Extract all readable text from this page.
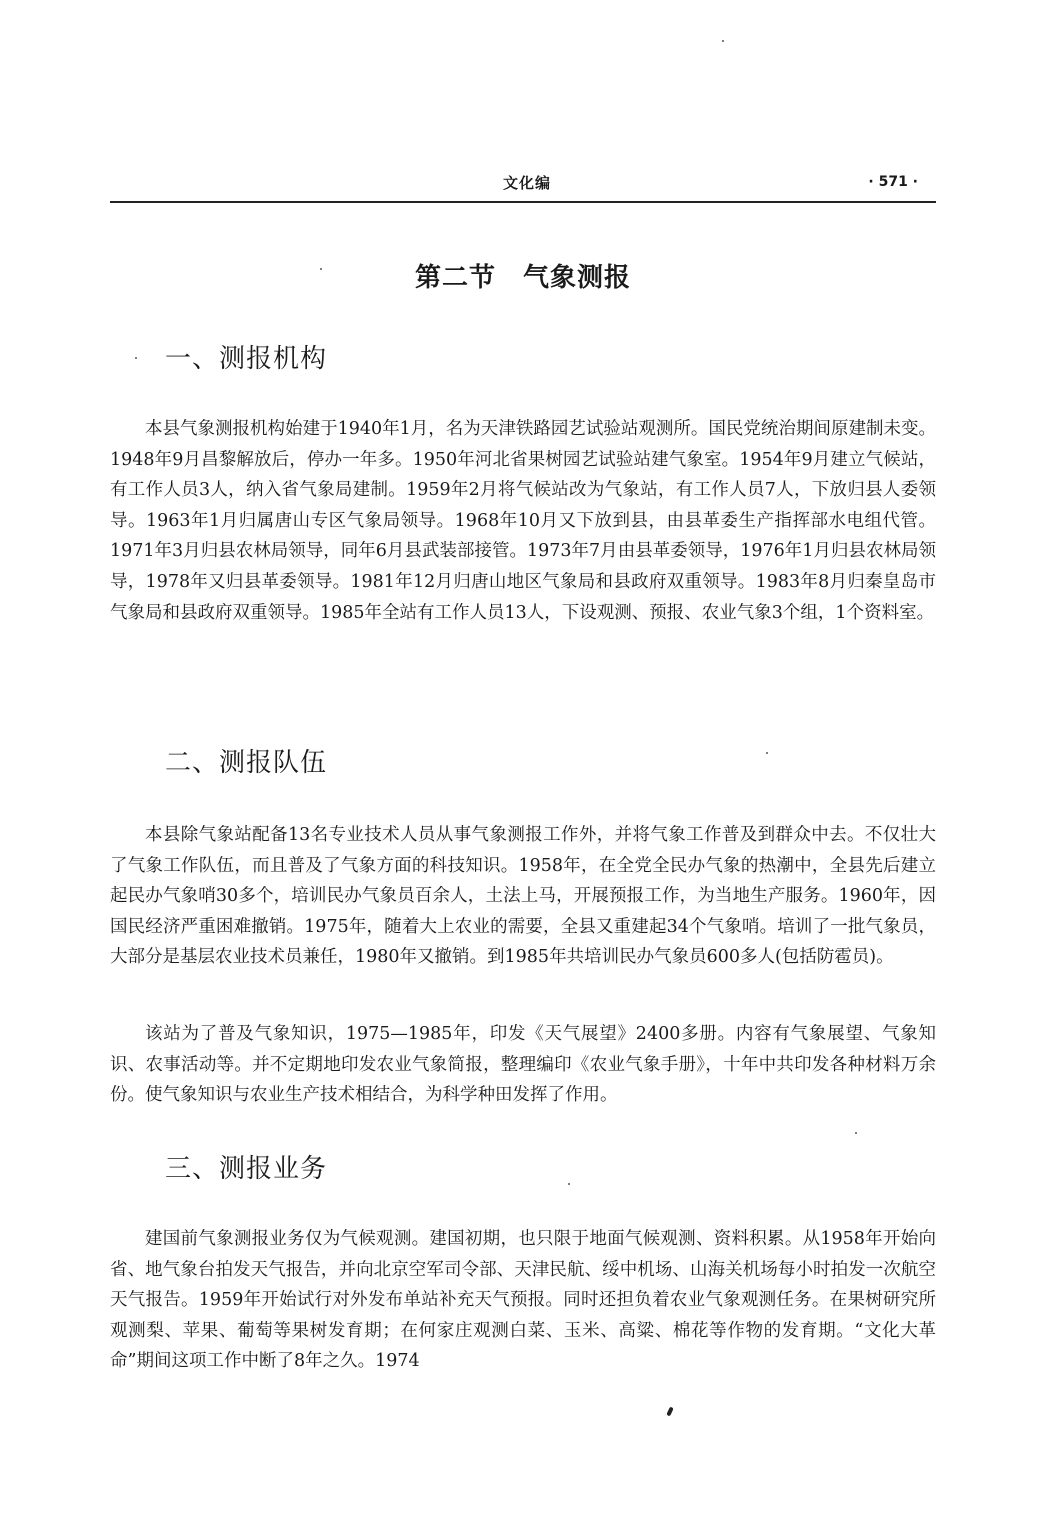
文化编	· 571 ·
第二节　气象测报
一、测报机构

本县气象测报机构始建于1940年1月，名为天津铁路园艺试验站观测所。国民党统治期间原建制未变。1948年9月昌黎解放后，停办一年多。1950年河北省果树园艺试验站建气象室。1954年9月建立气候站，有工作人员3人，纳入省气象局建制。1959年2月将气候站改为气象站，有工作人员7人，下放归县人委领导。1963年1月归属唐山专区气象局领导。1968年10月又下放到县，由县革委生产指挥部水电组代管。1971年3月归县农林局领导，同年6月县武装部接管。1973年7月由县革委领导，1976年1月归县农林局领导，1978年又归县革委领导。1981年12月归唐山地区气象局和县政府双重领导。1983年8月归秦皇岛市气象局和县政府双重领导。1985年全站有工作人员13人，下设观测、预报、农业气象3个组，1个资料室。

二、测报队伍

本县除气象站配备13名专业技术人员从事气象测报工作外，并将气象工作普及到群众中去。不仅壮大了气象工作队伍，而且普及了气象方面的科技知识。1958年，在全党全民办气象的热潮中，全县先后建立起民办气象哨30多个，培训民办气象员百余人，土法上马，开展预报工作，为当地生产服务。1960年，因国民经济严重困难撤销。1975年，随着大上农业的需要，全县又重建起34个气象哨。培训了一批气象员，大部分是基层农业技术员兼任，1980年又撤销。到1985年共培训民办气象员600多人(包括防雹员)。

该站为了普及气象知识，1975—1985年，印发《天气展望》2400多册。内容有气象展望、气象知识、农事活动等。并不定期地印发农业气象简报，整理编印《农业气象手册》，十年中共印发各种材料万余份。使气象知识与农业生产技术相结合，为科学种田发挥了作用。

三、测报业务

建国前气象测报业务仅为气候观测。建国初期，也只限于地面气候观测、资料积累。从1958年开始向省、地气象台拍发天气报告，并向北京空军司令部、天津民航、绥中机场、山海关机场每小时拍发一次航空天气报告。1959年开始试行对外发布单站补充天气预报。同时还担负着农业气象观测任务。在果树研究所观测梨、苹果、葡萄等果树发育期；在何家庄观测白菜、玉米、高粱、棉花等作物的发育期。“文化大革命”期间这项工作中断了8年之久。1974
